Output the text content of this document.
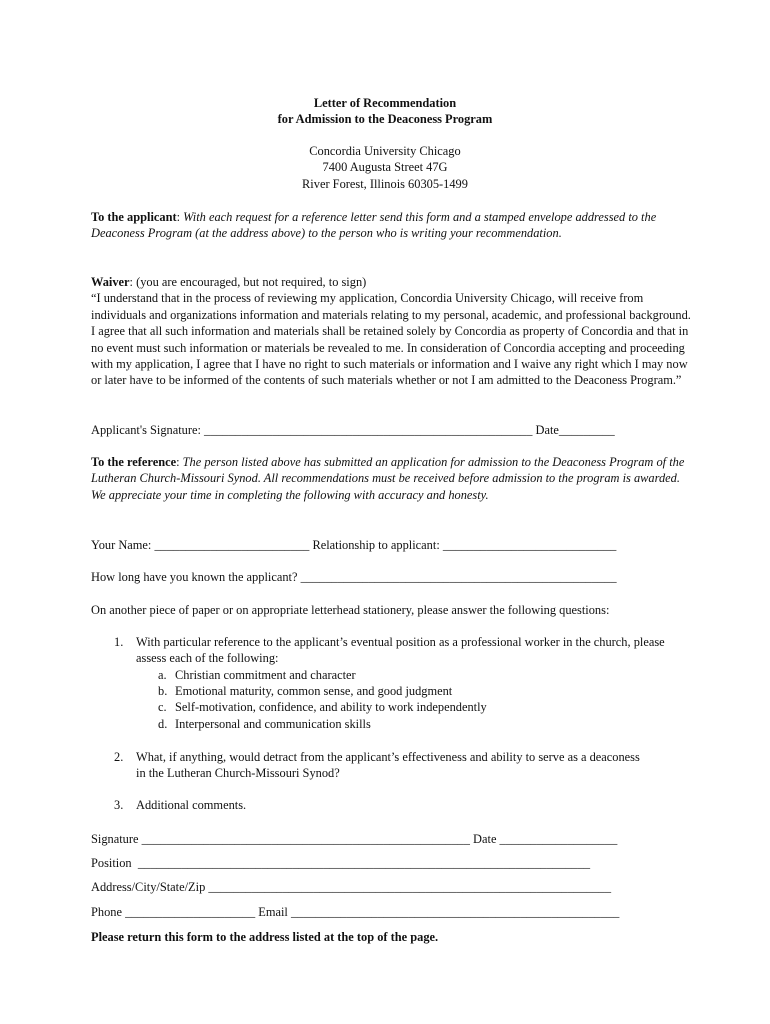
Letter of Recommendation
for Admission to the Deaconess Program
Concordia University Chicago
7400 Augusta Street 47G
River Forest, Illinois 60305-1499

To the applicant: With each request for a reference letter send this form and a stamped envelope addressed to the Deaconess Program (at the address above) to the person who is writing your recommendation.

Waiver: (you are encouraged, but not required, to sign)

“I understand that in the process of reviewing my application, Concordia University Chicago, will receive from individuals and organizations information and materials relating to my personal, academic, and professional background. I agree that all such information and materials shall be retained solely by Concordia as property of Concordia and that in no event must such information or materials be revealed to me. In consideration of Concordia accepting and proceeding with my application, I agree that I have no right to such materials or information and I waive any right which I may now or later have to be informed of the contents of such materials whether or not I am admitted to the Deaconess Program.”

Applicant's Signature: _____________________________________________________ Date_________

To the reference: The person listed above has submitted an application for admission to the Deaconess Program of the Lutheran Church-Missouri Synod. All recommendations must be received before admission to the program is awarded. We appreciate your time in completing the following with accuracy and honesty.

Your Name: _________________________ Relationship to applicant: ____________________________
How long have you known the applicant? ___________________________________________________
On another piece of paper or on appropriate letterhead stationery, please answer the following questions:
1. With particular reference to the applicant’s eventual position as a professional worker in the church, please assess each of the following:
a. Christian commitment and character
b. Emotional maturity, common sense, and good judgment
c. Self-motivation, confidence, and ability to work independently
d. Interpersonal and communication skills
2. What, if anything, would detract from the applicant’s effectiveness and ability to serve as a deaconess in the Lutheran Church-Missouri Synod?
3. Additional comments.
Signature _____________________________________________________ Date ___________________
Position  _________________________________________________________________________
Address/City/State/Zip _________________________________________________________________
Phone _____________________ Email _____________________________________________________
Please return this form to the address listed at the top of the page.
